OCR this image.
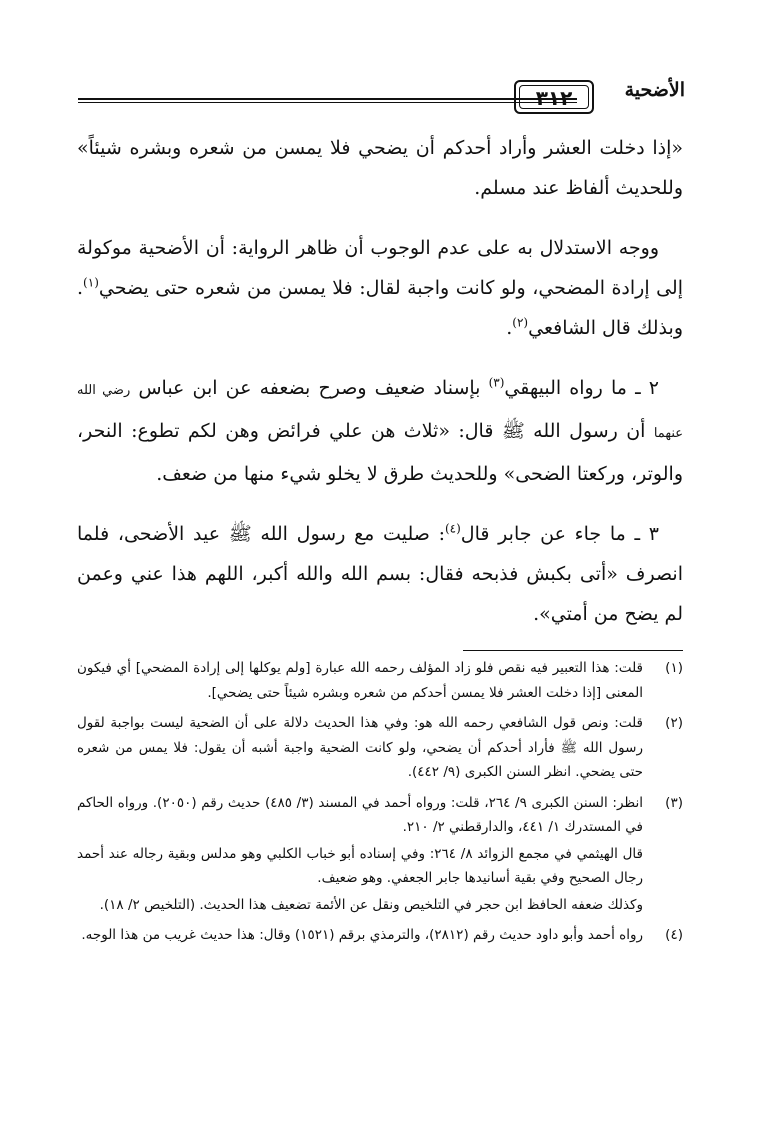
الأضحية
٣١٢

«إذا دخلت العشر وأراد أحدكم أن يضحي فلا يمسن من شعره وبشره شيئاً» وللحديث ألفاظ عند مسلم.

ووجه الاستدلال به على عدم الوجوب أن ظاهر الرواية: أن الأضحية موكولة إلى إرادة المضحي، ولو كانت واجبة لقال: فلا يمسن من شعره حتى يضحي$^{(١)}$. وبذلك قال الشافعي$^{(٢)}$.

٢ ـ ما رواه البيهقي$^{(٣)}$ بإسناد ضعيف وصرح بضعفه عن ابن عباس رضي الله عنهما أن رسول الله ﷺ قال: «ثلاث هن علي فرائض وهن لكم تطوع: النحر، والوتر، وركعتا الضحى» وللحديث طرق لا يخلو شيء منها من ضعف.

٣ ـ ما جاء عن جابر قال$^{(٤)}$: صليت مع رسول الله ﷺ عيد الأضحى، فلما انصرف «أتى بكبش فذبحه فقال: بسم الله والله أكبر، اللهم هذا عني وعمن لم يضح من أمتي».

(١)

قلت: هذا التعبير فيه نقص فلو زاد المؤلف رحمه الله عبارة [ولم يوكلها إلى إرادة المضحي] أي فيكون المعنى [إذا دخلت العشر فلا يمسن أحدكم من شعره وبشره شيئاً حتى يضحي].

(٢)

قلت: ونص قول الشافعي رحمه الله هو: وفي هذا الحديث دلالة على أن الضحية ليست بواجبة لقول رسول الله ﷺ فأراد أحدكم أن يضحي، ولو كانت الضحية واجبة أشبه أن يقول: فلا يمس من شعره حتى يضحي. انظر السنن الكبرى (٩/ ٤٤٢).

(٣)

انظر: السنن الكبرى ٩/ ٢٦٤، قلت: ورواه أحمد في المسند (٣/ ٤٨٥) حديث رقم (٢٠٥٠). ورواه الحاكم في المستدرك ١/ ٤٤١، والدارقطني ٢/ ٢١٠.

قال الهيثمي في مجمع الزوائد ٨/ ٢٦٤: وفي إسناده أبو خباب الكلبي وهو مدلس وبقية رجاله عند أحمد رجال الصحيح وفي بقية أسانيدها جابر الجعفي. وهو ضعيف.

وكذلك ضعفه الحافظ ابن حجر في التلخيص ونقل عن الأئمة تضعيف هذا الحديث. (التلخيص ٢/ ١٨).

(٤)

رواه أحمد وأبو داود حديث رقم (٢٨١٢)، والترمذي برقم (١٥٢١) وقال: هذا حديث غريب من هذا الوجه.
